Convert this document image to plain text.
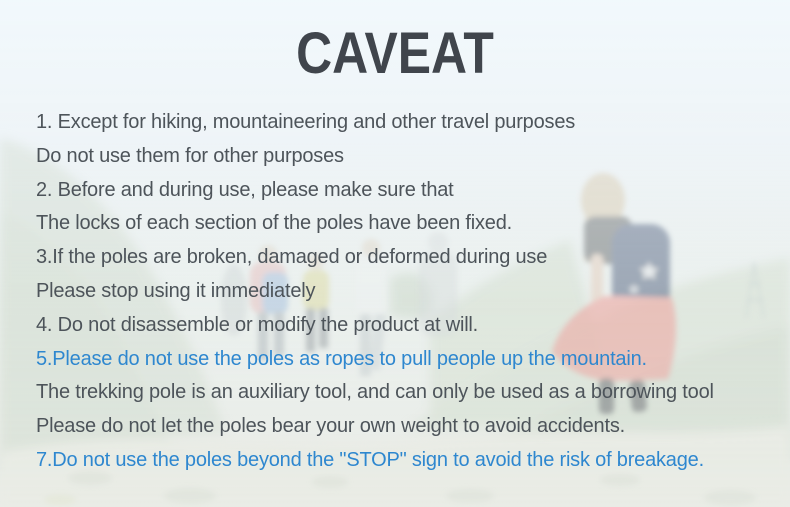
CAVEAT
1. Except for hiking, mountaineering and other travel purposes
Do not use them for other purposes
2. Before and during use, please make sure that
The locks of each section of the poles have been fixed.
3.If the poles are broken, damaged or deformed during use
Please stop using it immediately
4. Do not disassemble or modify the product at will.
5.Please do not use the poles as ropes to pull people up the mountain.
The trekking pole is an auxiliary tool, and can only be used as a borrowing tool
Please do not let the poles bear your own weight to avoid accidents.
7.Do not use the poles beyond the "STOP" sign to avoid the risk of breakage.
